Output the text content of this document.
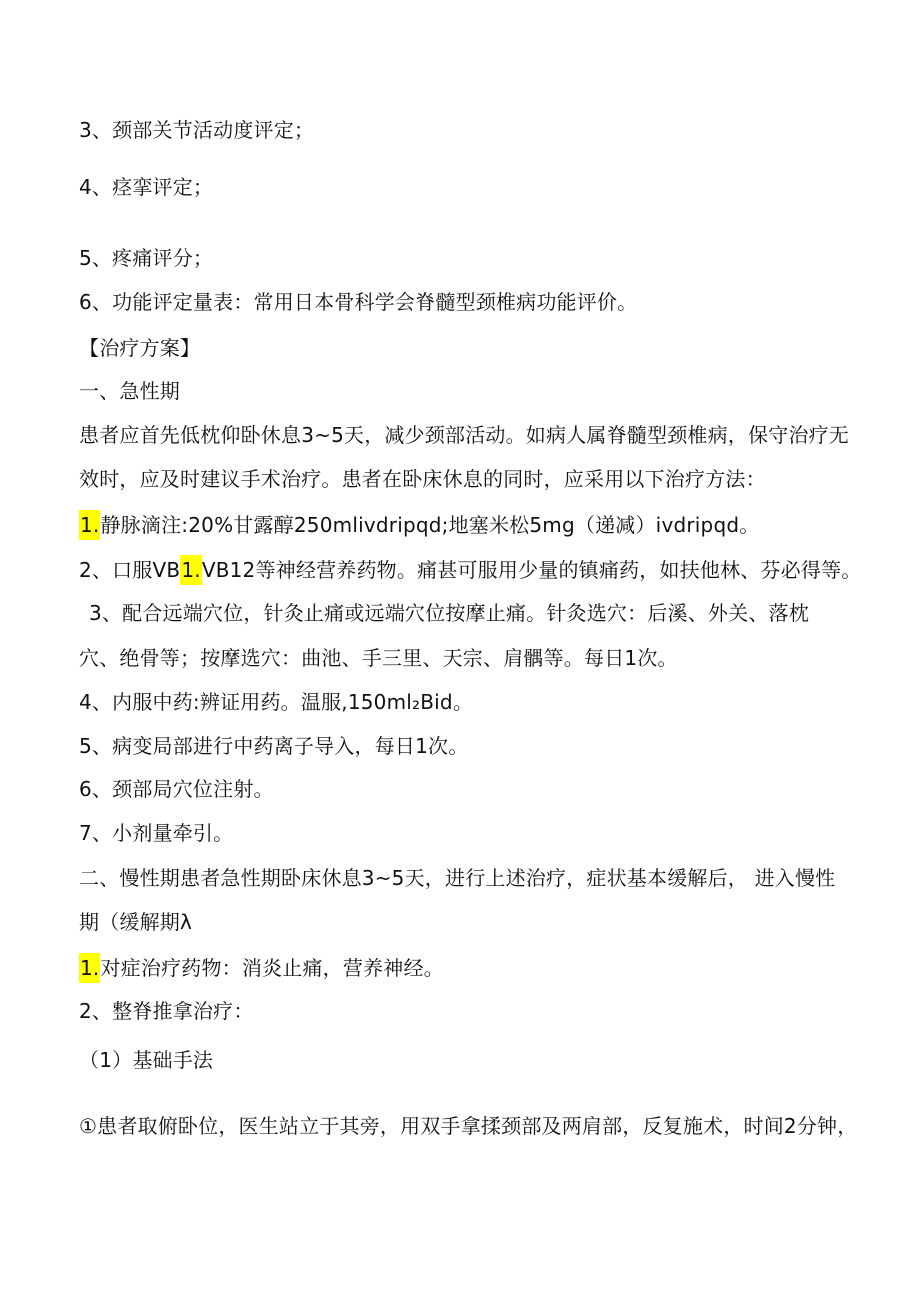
3、颈部关节活动度评定；
4、痉挛评定；
5、疼痛评分；
6、功能评定量表：常用日本骨科学会脊髓型颈椎病功能评价。
【治疗方案】
一、急性期
患者应首先低枕仰卧休息3~5天，减少颈部活动。如病人属脊髓型颈椎病，保守治疗无
效时，应及时建议手术治疗。患者在卧床休息的同时，应采用以下治疗方法：
1.静脉滴注:20%甘露醇250mlivdripqd;地塞米松5mg（递减）ivdripqd。
2、口服VB1.VB12等神经营养药物。痛甚可服用少量的镇痛药，如扶他林、芬必得等。
3、配合远端穴位，针灸止痛或远端穴位按摩止痛。针灸选穴：后溪、外关、落枕
穴、绝骨等；按摩选穴：曲池、手三里、天宗、肩髃等。每日1次。
4、内服中药:辨证用药。温服,150ml₂Bid。
5、病变局部进行中药离子导入，每日1次。
6、颈部局穴位注射。
7、小剂量牵引。
二、慢性期患者急性期卧床休息3~5天，进行上述治疗，症状基本缓解后， 进入慢性
期（缓解期λ
1.对症治疗药物：消炎止痛，营养神经。
2、整脊推拿治疗：
（1）基础手法
①患者取俯卧位，医生站立于其旁，用双手拿揉颈部及两肩部，反复施术，时间2分钟，
